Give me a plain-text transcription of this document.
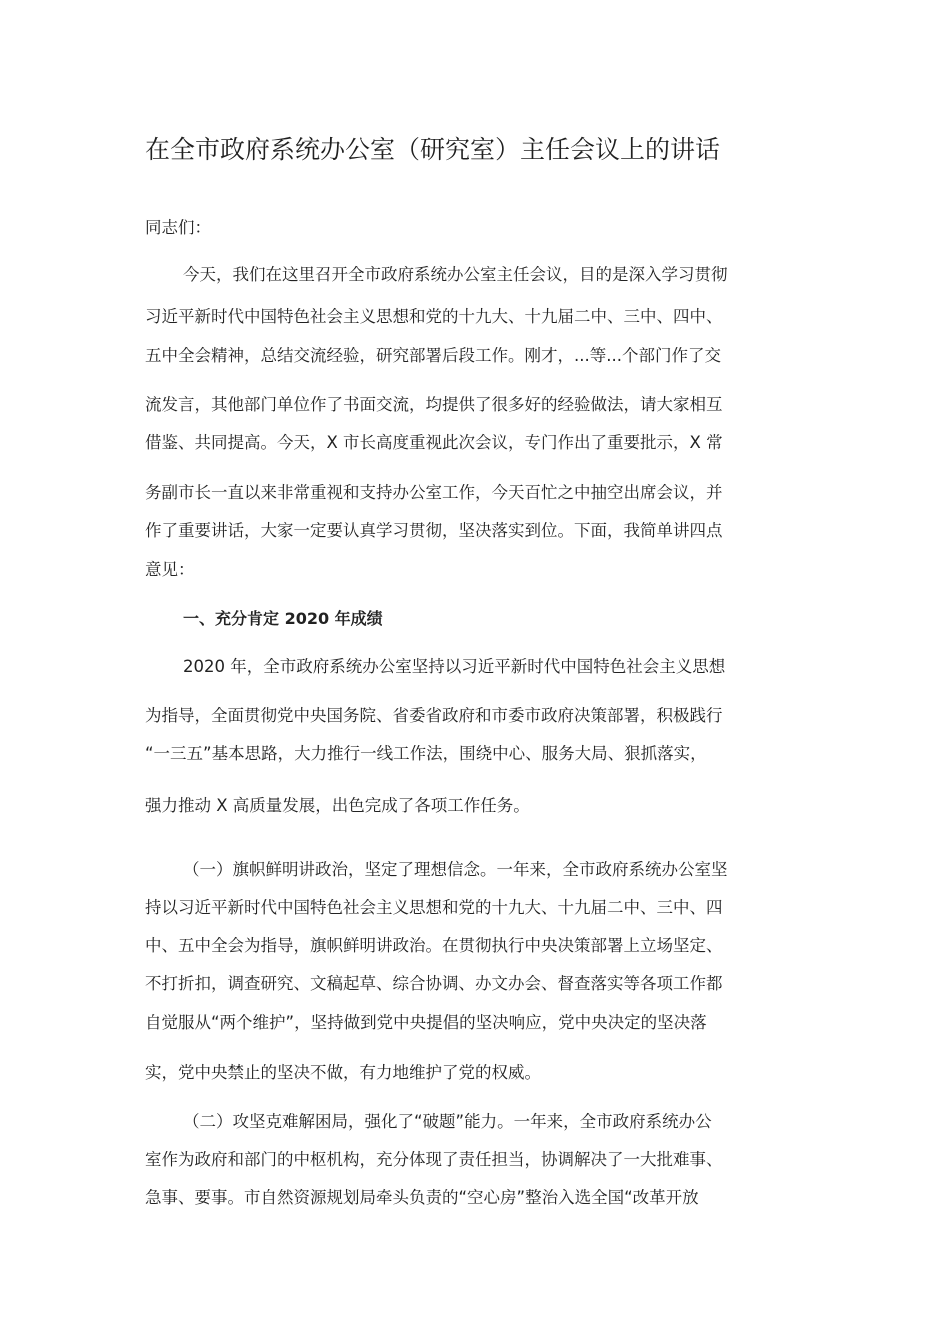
在全市政府系统办公室（研究室）主任会议上的讲话
同志们：
今天，我们在这里召开全市政府系统办公室主任会议，目的是深入学习贯彻
习近平新时代中国特色社会主义思想和党的十九大、十九届二中、三中、四中、
五中全会精神，总结交流经验，研究部署后段工作。刚才，...等...个部门作了交
流发言，其他部门单位作了书面交流，均提供了很多好的经验做法，请大家相互
借鉴、共同提高。今天，X 市长高度重视此次会议，专门作出了重要批示，X 常
务副市长一直以来非常重视和支持办公室工作，今天百忙之中抽空出席会议，并
作了重要讲话，大家一定要认真学习贯彻，坚决落实到位。下面，我简单讲四点
意见：
一、充分肯定 2020 年成绩
2020 年，全市政府系统办公室坚持以习近平新时代中国特色社会主义思想
为指导，全面贯彻党中央国务院、省委省政府和市委市政府决策部署，积极践行
“一三五”基本思路，大力推行一线工作法，围绕中心、服务大局、狠抓落实，
强力推动 X 高质量发展，出色完成了各项工作任务。
（一）旗帜鲜明讲政治，坚定了理想信念。一年来，全市政府系统办公室坚
持以习近平新时代中国特色社会主义思想和党的十九大、十九届二中、三中、四
中、五中全会为指导，旗帜鲜明讲政治。在贯彻执行中央决策部署上立场坚定、
不打折扣，调查研究、文稿起草、综合协调、办文办会、督查落实等各项工作都
自觉服从“两个维护”，坚持做到党中央提倡的坚决响应，党中央决定的坚决落
实，党中央禁止的坚决不做，有力地维护了党的权威。
（二）攻坚克难解困局，强化了“破题”能力。一年来，全市政府系统办公
室作为政府和部门的中枢机构，充分体现了责任担当，协调解决了一大批难事、
急事、要事。市自然资源规划局牵头负责的“空心房”整治入选全国“改革开放
